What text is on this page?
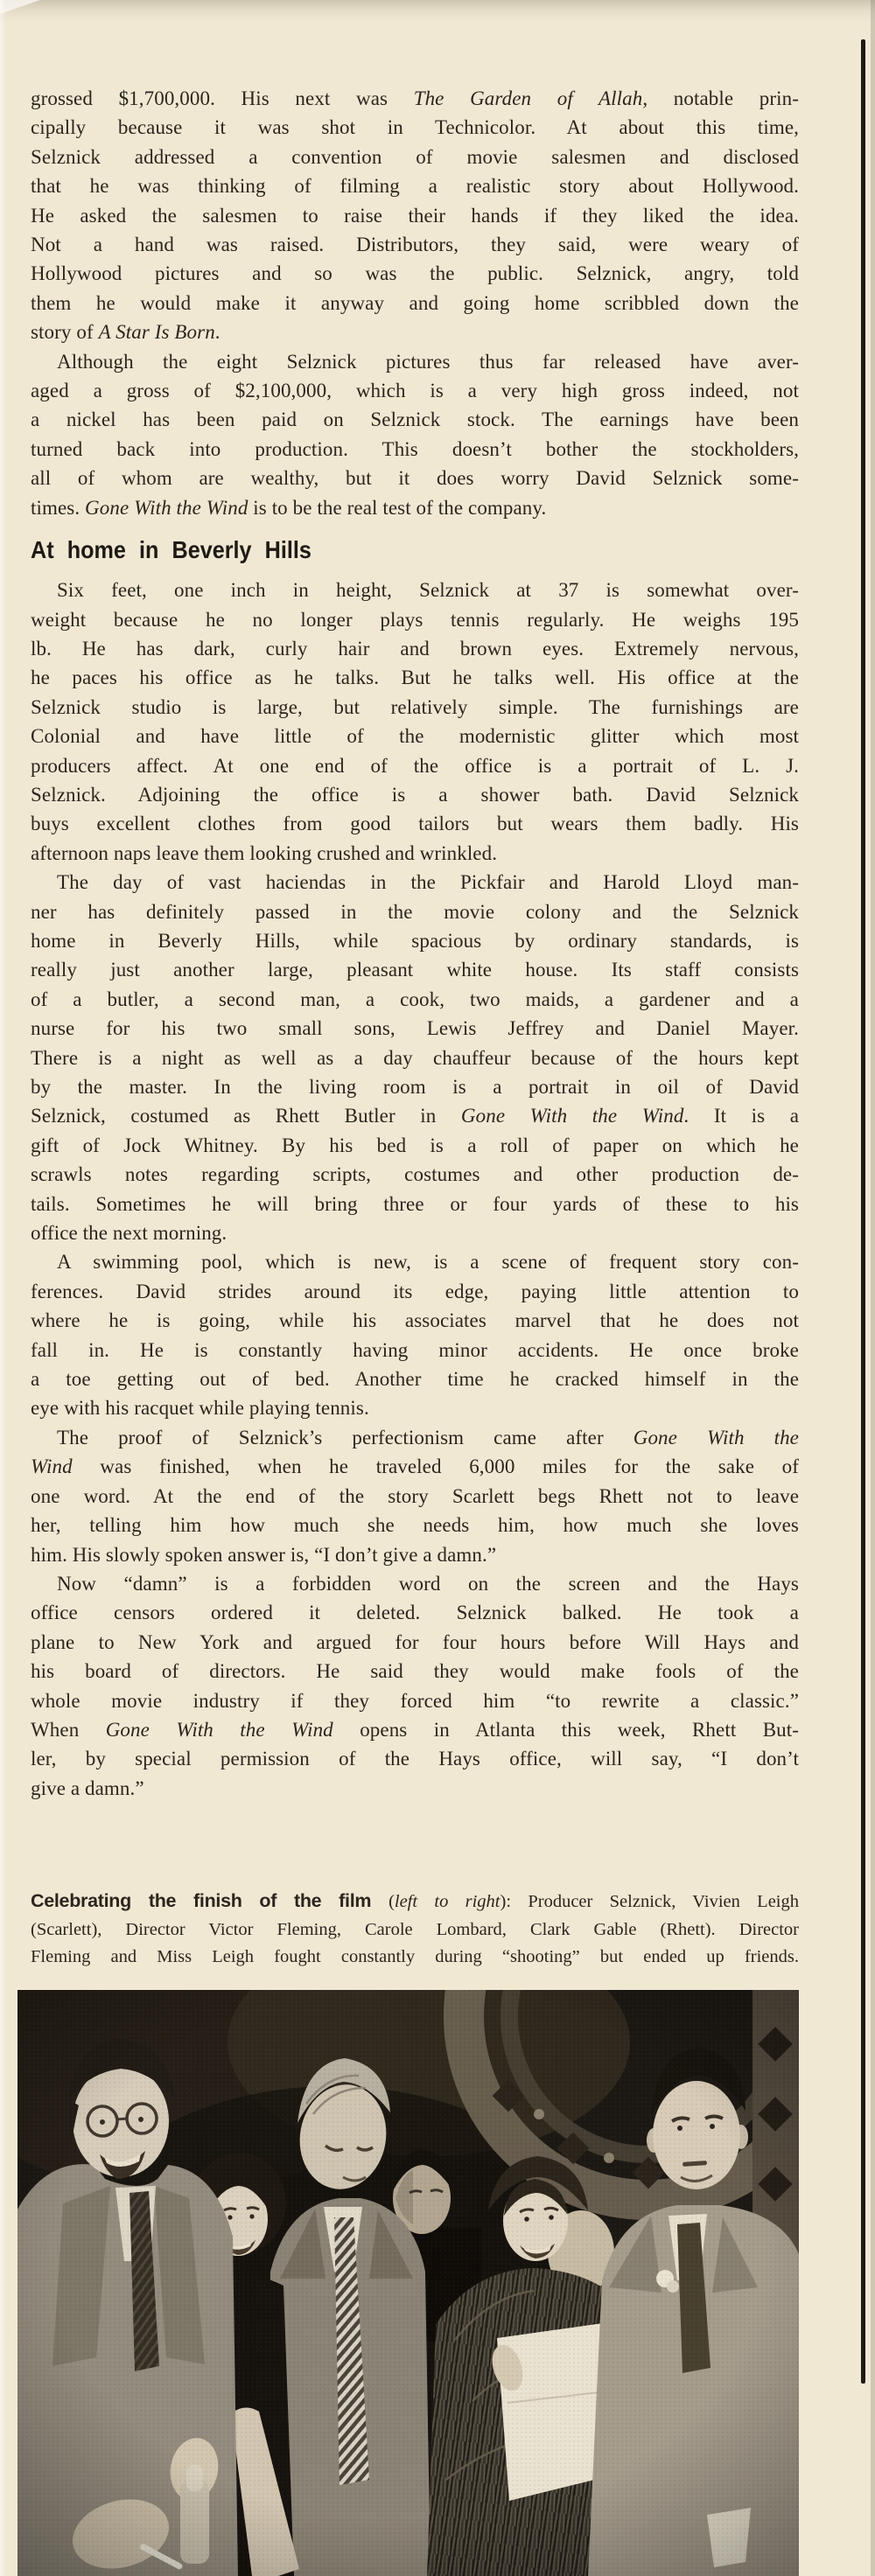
grossed $1,700,000. His next was The Garden of Allah, notable prin-
cipally because it was shot in Technicolor. At about this time,
Selznick addressed a convention of movie salesmen and disclosed
that he was thinking of filming a realistic story about Hollywood.
He asked the salesmen to raise their hands if they liked the idea.
Not a hand was raised. Distributors, they said, were weary of
Hollywood pictures and so was the public. Selznick, angry, told
them he would make it anyway and going home scribbled down the
story of A Star Is Born.
Although the eight Selznick pictures thus far released have aver-
aged a gross of $2,100,000, which is a very high gross indeed, not
a nickel has been paid on Selznick stock. The earnings have been
turned back into production. This doesn’t bother the stockholders,
all of whom are wealthy, but it does worry David Selznick some-
times. Gone With the Wind is to be the real test of the company.
At home in Beverly Hills
Six feet, one inch in height, Selznick at 37 is somewhat over-
weight because he no longer plays tennis regularly. He weighs 195
lb. He has dark, curly hair and brown eyes. Extremely nervous,
he paces his office as he talks. But he talks well. His office at the
Selznick studio is large, but relatively simple. The furnishings are
Colonial and have little of the modernistic glitter which most
producers affect. At one end of the office is a portrait of L. J.
Selznick. Adjoining the office is a shower bath. David Selznick
buys excellent clothes from good tailors but wears them badly. His
afternoon naps leave them looking crushed and wrinkled.
The day of vast haciendas in the Pickfair and Harold Lloyd man-
ner has definitely passed in the movie colony and the Selznick
home in Beverly Hills, while spacious by ordinary standards, is
really just another large, pleasant white house. Its staff consists
of a butler, a second man, a cook, two maids, a gardener and a
nurse for his two small sons, Lewis Jeffrey and Daniel Mayer.
There is a night as well as a day chauffeur because of the hours kept
by the master. In the living room is a portrait in oil of David
Selznick, costumed as Rhett Butler in Gone With the Wind. It is a
gift of Jock Whitney. By his bed is a roll of paper on which he
scrawls notes regarding scripts, costumes and other production de-
tails. Sometimes he will bring three or four yards of these to his
office the next morning.
A swimming pool, which is new, is a scene of frequent story con-
ferences. David strides around its edge, paying little attention to
where he is going, while his associates marvel that he does not
fall in. He is constantly having minor accidents. He once broke
a toe getting out of bed. Another time he cracked himself in the
eye with his racquet while playing tennis.
The proof of Selznick’s perfectionism came after Gone With the
Wind was finished, when he traveled 6,000 miles for the sake of
one word. At the end of the story Scarlett begs Rhett not to leave
her, telling him how much she needs him, how much she loves
him. His slowly spoken answer is, “I don’t give a damn.”
Now “damn” is a forbidden word on the screen and the Hays
office censors ordered it deleted. Selznick balked. He took a
plane to New York and argued for four hours before Will Hays and
his board of directors. He said they would make fools of the
whole movie industry if they forced him “to rewrite a classic.”
When Gone With the Wind opens in Atlanta this week, Rhett But-
ler, by special permission of the Hays office, will say, “I don’t
give a damn.”
Celebrating the finish of the film (left to right): Producer Selznick, Vivien Leigh
(Scarlett), Director Victor Fleming, Carole Lombard, Clark Gable (Rhett). Director
Fleming and Miss Leigh fought constantly during “shooting” but ended up friends.
